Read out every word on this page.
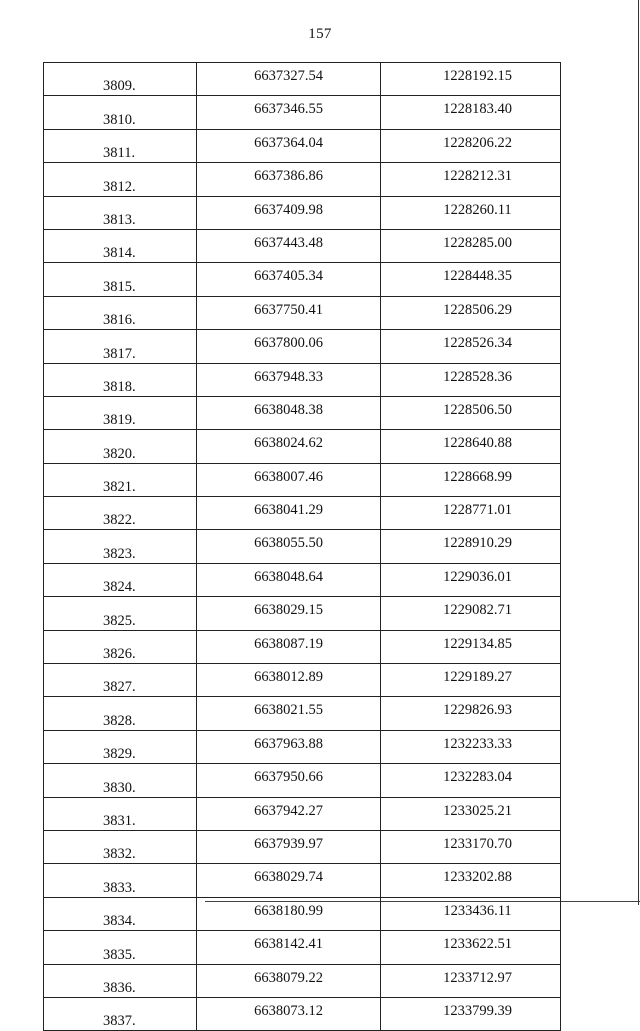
157
3809.	6637327.54	1228192.15
3810.	6637346.55	1228183.40
3811.	6637364.04	1228206.22
3812.	6637386.86	1228212.31
3813.	6637409.98	1228260.11
3814.	6637443.48	1228285.00
3815.	6637405.34	1228448.35
3816.	6637750.41	1228506.29
3817.	6637800.06	1228526.34
3818.	6637948.33	1228528.36
3819.	6638048.38	1228506.50
3820.	6638024.62	1228640.88
3821.	6638007.46	1228668.99
3822.	6638041.29	1228771.01
3823.	6638055.50	1228910.29
3824.	6638048.64	1229036.01
3825.	6638029.15	1229082.71
3826.	6638087.19	1229134.85
3827.	6638012.89	1229189.27
3828.	6638021.55	1229826.93
3829.	6637963.88	1232233.33
3830.	6637950.66	1232283.04
3831.	6637942.27	1233025.21
3832.	6637939.97	1233170.70
3833.	6638029.74	1233202.88
3834.	6638180.99	1233436.11
3835.	6638142.41	1233622.51
3836.	6638079.22	1233712.97
3837.	6638073.12	1233799.39
